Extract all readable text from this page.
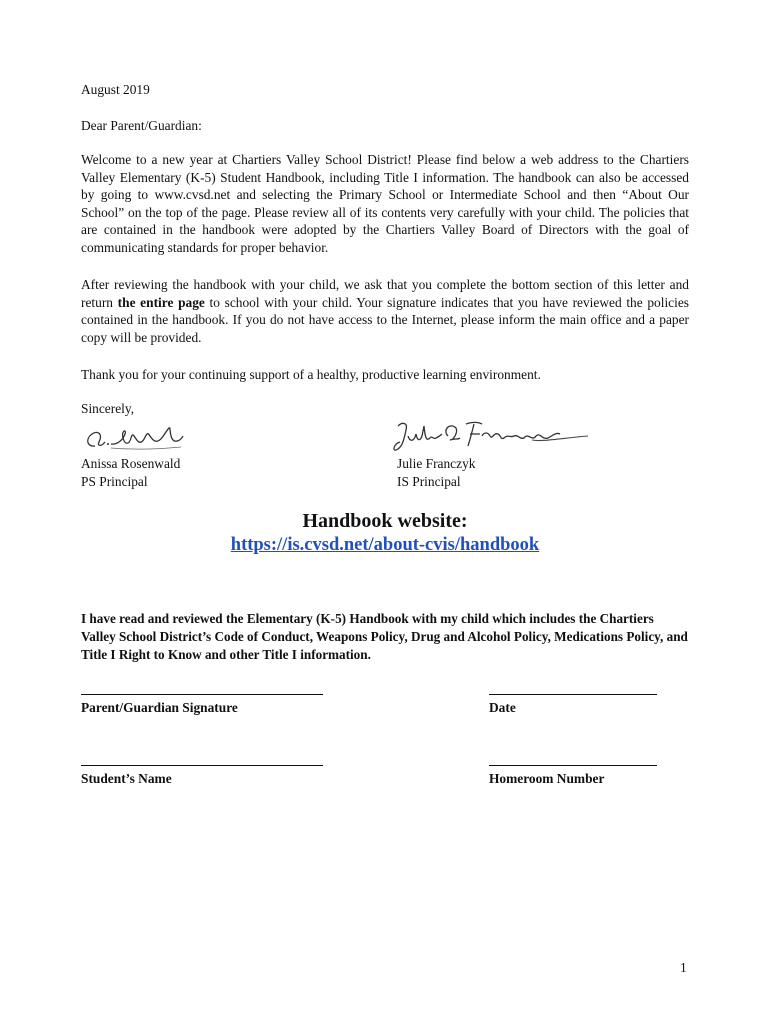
August 2019

Dear Parent/Guardian:

Welcome to a new year at Chartiers Valley School District! Please find below a web address to the Chartiers Valley Elementary (K-5) Student Handbook, including Title I information. The handbook can also be accessed by going to www.cvsd.net and selecting the Primary School or Intermediate School and then “About Our School” on the top of the page. Please review all of its contents very carefully with your child. The policies that are contained in the handbook were adopted by the Chartiers Valley Board of Directors with the goal of communicating standards for proper behavior.

After reviewing the handbook with your child, we ask that you complete the bottom section of this letter and return the entire page to school with your child. Your signature indicates that you have reviewed the policies contained in the handbook. If you do not have access to the Internet, please inform the main office and a paper copy will be provided.

Thank you for your continuing support of a healthy, productive learning environment.

Sincerely,

Anissa Rosenwald
PS Principal
Julie Franczyk
IS Principal
Handbook website:
https://is.cvsd.net/about-cvis/handbook
I have read and reviewed the Elementary (K-5) Handbook with my child which includes the Chartiers Valley School District’s Code of Conduct, Weapons Policy, Drug and Alcohol Policy, Medications Policy, and Title I Right to Know and other Title I information.
Parent/Guardian Signature	Date
Student’s Name	Homeroom Number
1
